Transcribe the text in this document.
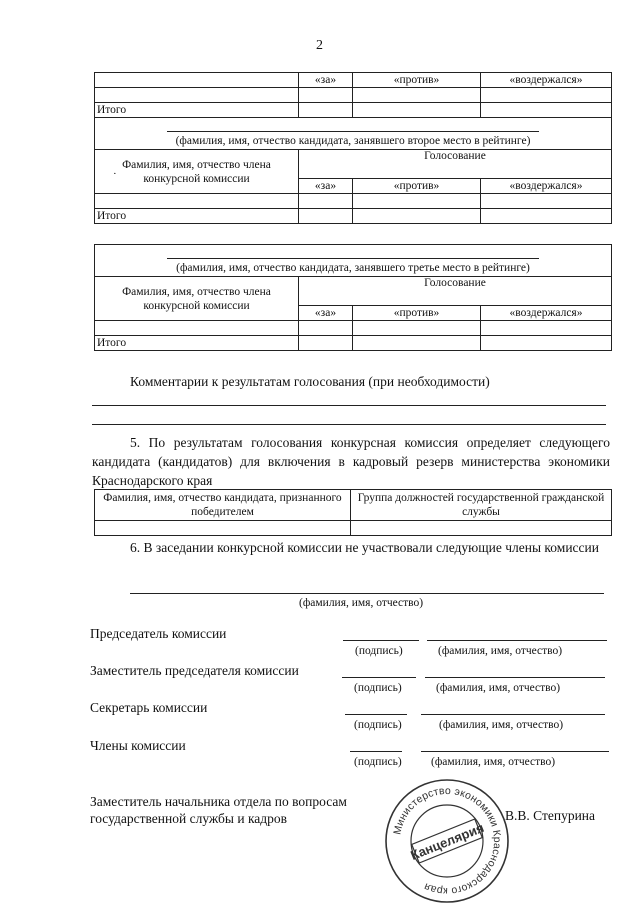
2
	«за»	«против»	«воздержался»

Итого			

(фамилия, имя, отчество кандидата, занявшего второе место в рейтинге)			

Фамилия, имя, отчество члена конкурсной комиссии	Голосование		
	«за»	«против»	«воздержался»

Итого			
·
(фамилия, имя, отчество кандидата, занявшего третье место в рейтинге)			

Фамилия, имя, отчество члена конкурсной комиссии	Голосование		
	«за»	«против»	«воздержался»

Итого			
Комментарии к результатам голосования (при необходимости)
5. По результатам голосования конкурсная комиссия определяет следующего кандидата (кандидатов) для включения в кадровый резерв министерства экономики Краснодарского края
Фамилия, имя, отчество кандидата, признанного победителем	Группа должностей государственной гражданской службы

6. В заседании конкурсной комиссии не участвовали следующие члены комиссии
(фамилия, имя, отчество)
Председатель комиссии
(подпись)	(фамилия, имя, отчество)
Заместитель председателя комиссии
(подпись)	(фамилия, имя, отчество)
Секретарь комиссии
(подпись)	(фамилия, имя, отчество)
Члены комиссии
(подпись)	(фамилия, имя, отчество)
Заместитель начальника отдела по вопросам
государственной службы и кадров	В.В. Степурина
Министерство экономики Краснодарского края
Канцелярия
